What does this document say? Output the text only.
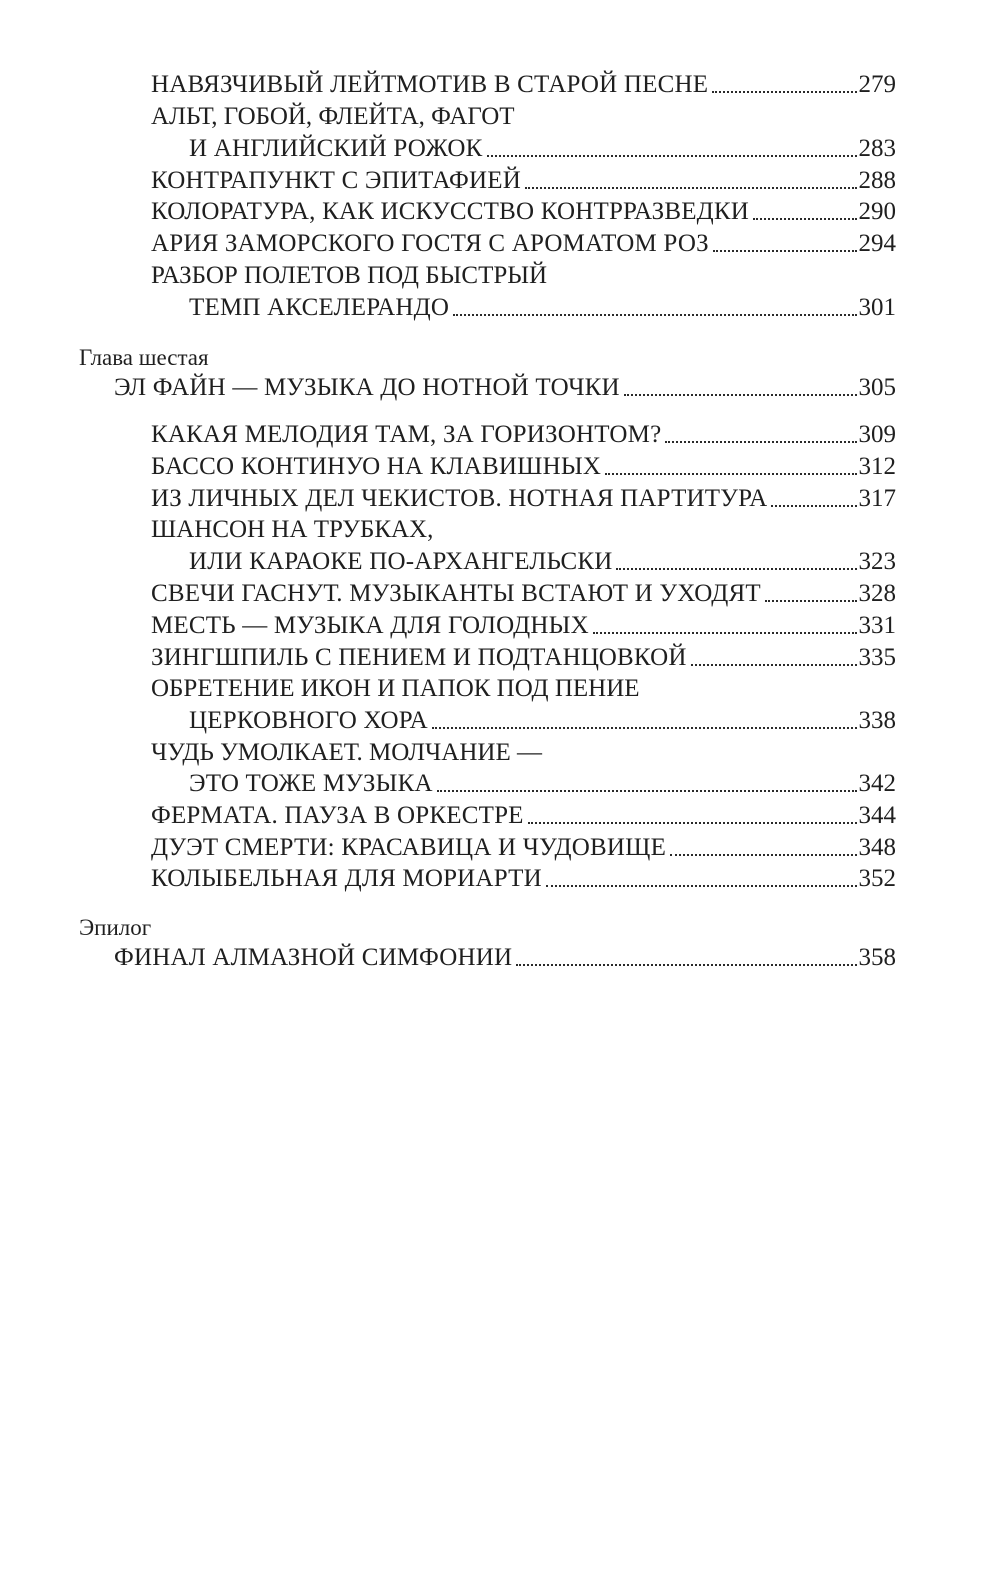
НАВЯЗЧИВЫЙ ЛЕЙТМОТИВ В СТАРОЙ ПЕСНЕ	279
АЛЬТ, ГОБОЙ, ФЛЕЙТА, ФАГОТ
И АНГЛИЙСКИЙ РОЖОК	283
КОНТРАПУНКТ С ЭПИТАФИЕЙ	288
КОЛОРАТУРА, КАК ИСКУССТВО КОНТРРАЗВЕДКИ	290
АРИЯ ЗАМОРСКОГО ГОСТЯ С АРОМАТОМ РОЗ	294
РАЗБОР ПОЛЕТОВ ПОД БЫСТРЫЙ
ТЕМП АКСЕЛЕРАНДО	301
Глава шестая
ЭЛ ФАЙН — МУЗЫКА ДО НОТНОЙ ТОЧКИ	305
КАКАЯ МЕЛОДИЯ ТАМ, ЗА ГОРИЗОНТОМ?	309
БАССО КОНТИНУО НА КЛАВИШНЫХ	312
ИЗ ЛИЧНЫХ ДЕЛ ЧЕКИСТОВ. НОТНАЯ ПАРТИТУРА	317
ШАНСОН НА ТРУБКАХ,
ИЛИ КАРАОКЕ ПО-АРХАНГЕЛЬСКИ	323
СВЕЧИ ГАСНУТ. МУЗЫКАНТЫ ВСТАЮТ И УХОДЯТ	328
МЕСТЬ — МУЗЫКА ДЛЯ ГОЛОДНЫХ	331
ЗИНГШПИЛЬ С ПЕНИЕМ И ПОДТАНЦОВКОЙ	335
ОБРЕТЕНИЕ ИКОН И ПАПОК ПОД ПЕНИЕ
ЦЕРКОВНОГО ХОРА	338
ЧУДЬ УМОЛКАЕТ. МОЛЧАНИЕ —
ЭТО ТОЖЕ МУЗЫКА	342
ФЕРМАТА. ПАУЗА В ОРКЕСТРЕ	344
ДУЭТ СМЕРТИ: КРАСАВИЦА И ЧУДОВИЩЕ	348
КОЛЫБЕЛЬНАЯ ДЛЯ МОРИАРТИ	352
Эпилог
ФИНАЛ АЛМАЗНОЙ СИМФОНИИ	358
